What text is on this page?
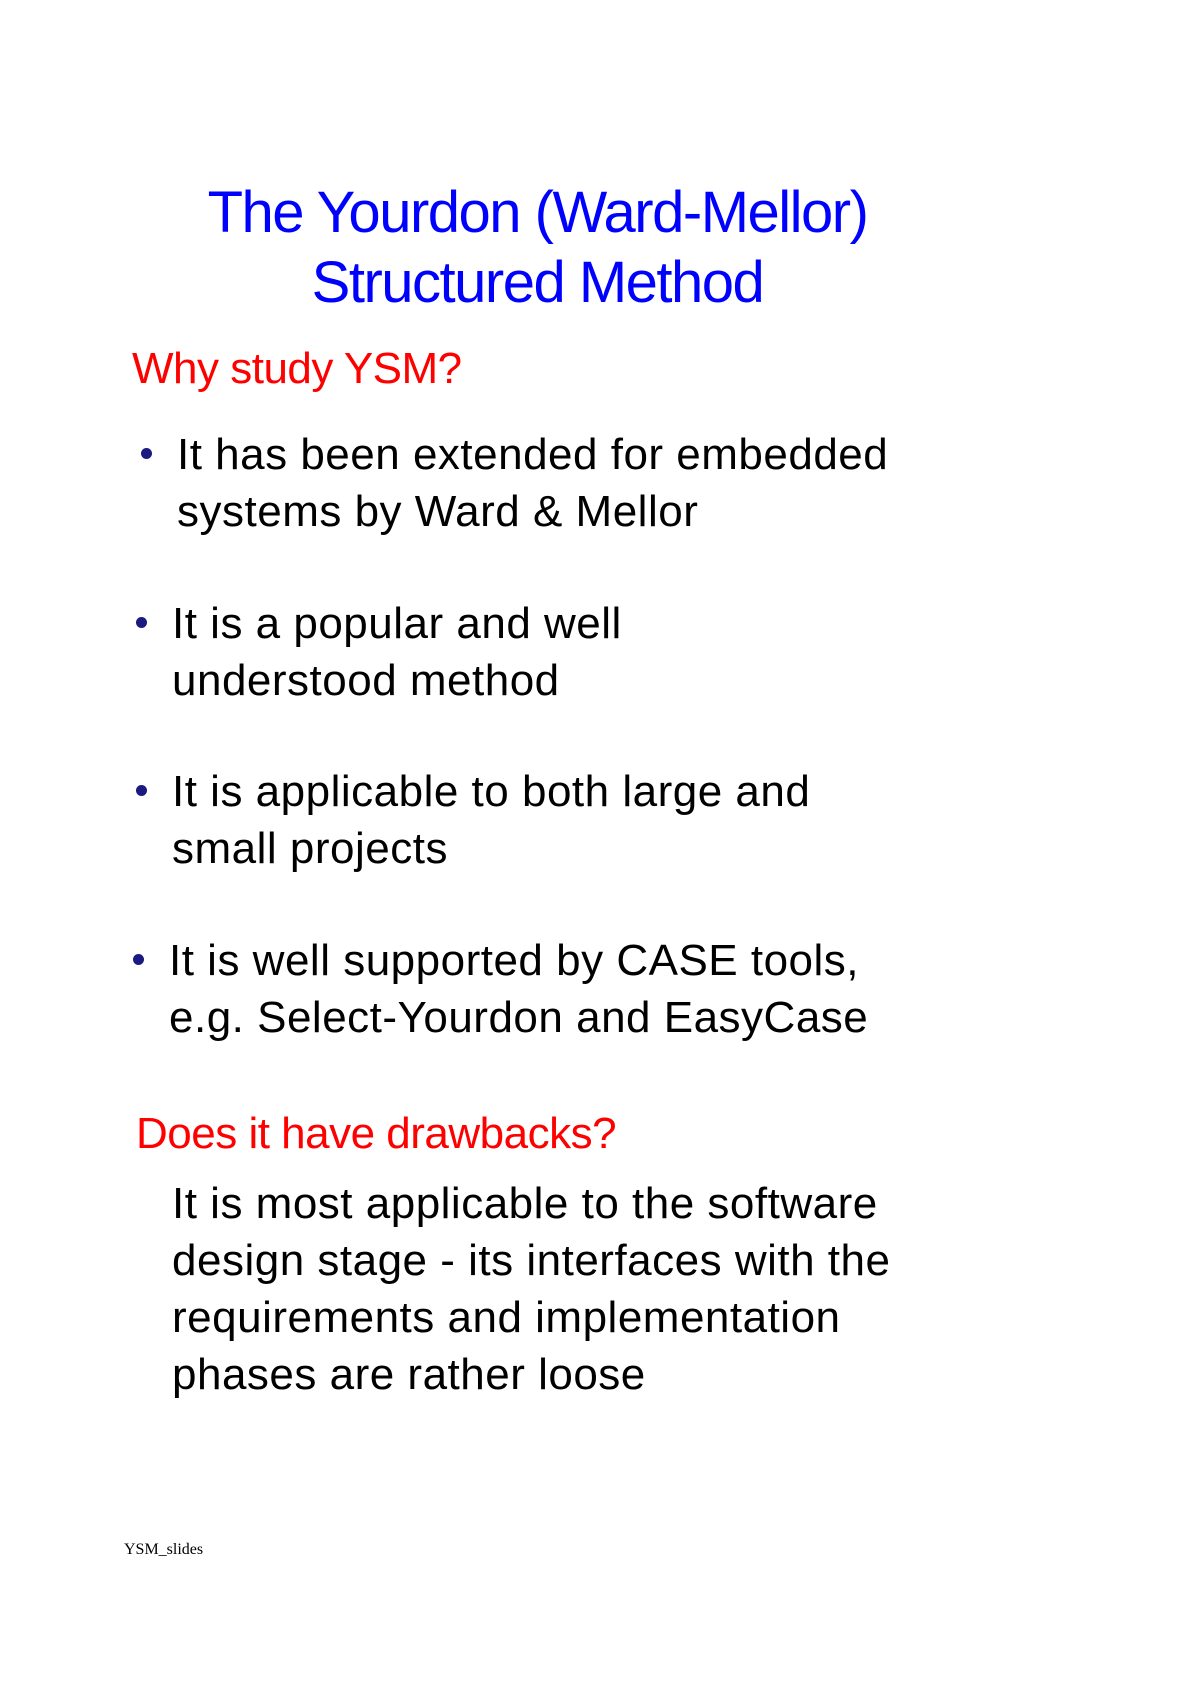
The Yourdon (Ward-Mellor)
Structured Method
Why study YSM?
It has been extended for embedded
systems by Ward & Mellor
It is a popular and well
understood method
It is applicable to both large and
small projects
It is well supported by CASE tools,
e.g. Select-Yourdon and EasyCase
Does it have drawbacks?
It is most applicable to the software
design stage - its interfaces with the
requirements and implementation
phases are rather loose
YSM_slides
